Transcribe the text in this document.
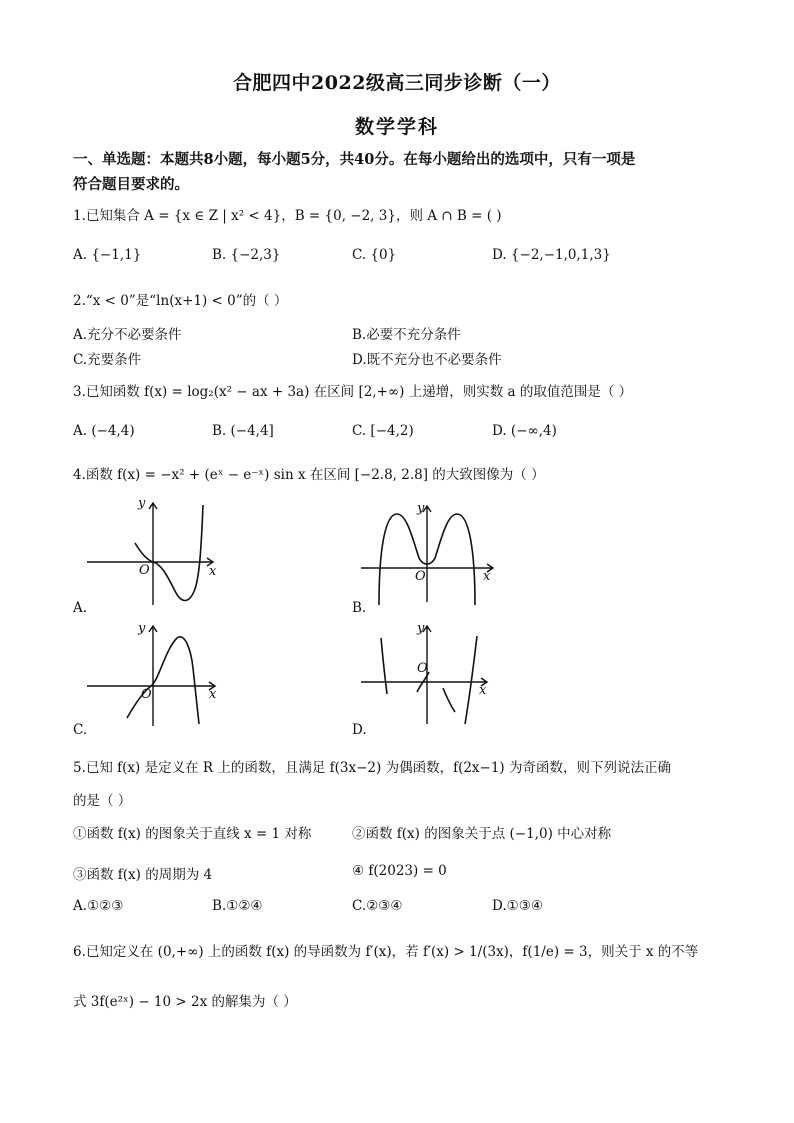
合肥四中2022级高三同步诊断（一）
数学学科
一、单选题：本题共8小题，每小题5分，共40分。在每小题给出的选项中，只有一项是
符合题目要求的。
1.已知集合 A = {x ∈ Z | x² < 4}，B = {0, −2, 3}，则 A ∩ B = ( )
A. {−1,1}	B. {−2,3}	C. {0}	D. {−2,−1,0,1,3}
2.“x < 0”是“ln(x+1) < 0”的（ ）
A.充分不必要条件	B.必要不充分条件
C.充要条件	D.既不充分也不必要条件
3.已知函数 f(x) = log₂(x² − ax + 3a) 在区间 [2,+∞) 上递增，则实数 a 的取值范围是（ ）
A. (−4,4)	B. (−4,4]	C. [−4,2)	D. (−∞,4)
4.函数 f(x) = −x² + (eˣ − e⁻ˣ) sin x 在区间 [−2.8, 2.8] 的大致图像为（ ）
y
x
O
A.
y
x
O
B.
y
x
O
C.
y
x
O
D.
5.已知 f(x) 是定义在 R 上的函数，且满足 f(3x−2) 为偶函数，f(2x−1) 为奇函数，则下列说法正确
的是（ ）
①函数 f(x) 的图象关于直线 x = 1 对称	②函数 f(x) 的图象关于点 (−1,0) 中心对称
③函数 f(x) 的周期为 4	④ f(2023) = 0
A.①②③	B.①②④	C.②③④	D.①③④
6.已知定义在 (0,+∞) 上的函数 f(x) 的导函数为 f′(x)，若 f′(x) > 1/(3x)，f(1/e) = 3，则关于 x 的不等
式 3f(e²ˣ) − 10 > 2x 的解集为（ ）
